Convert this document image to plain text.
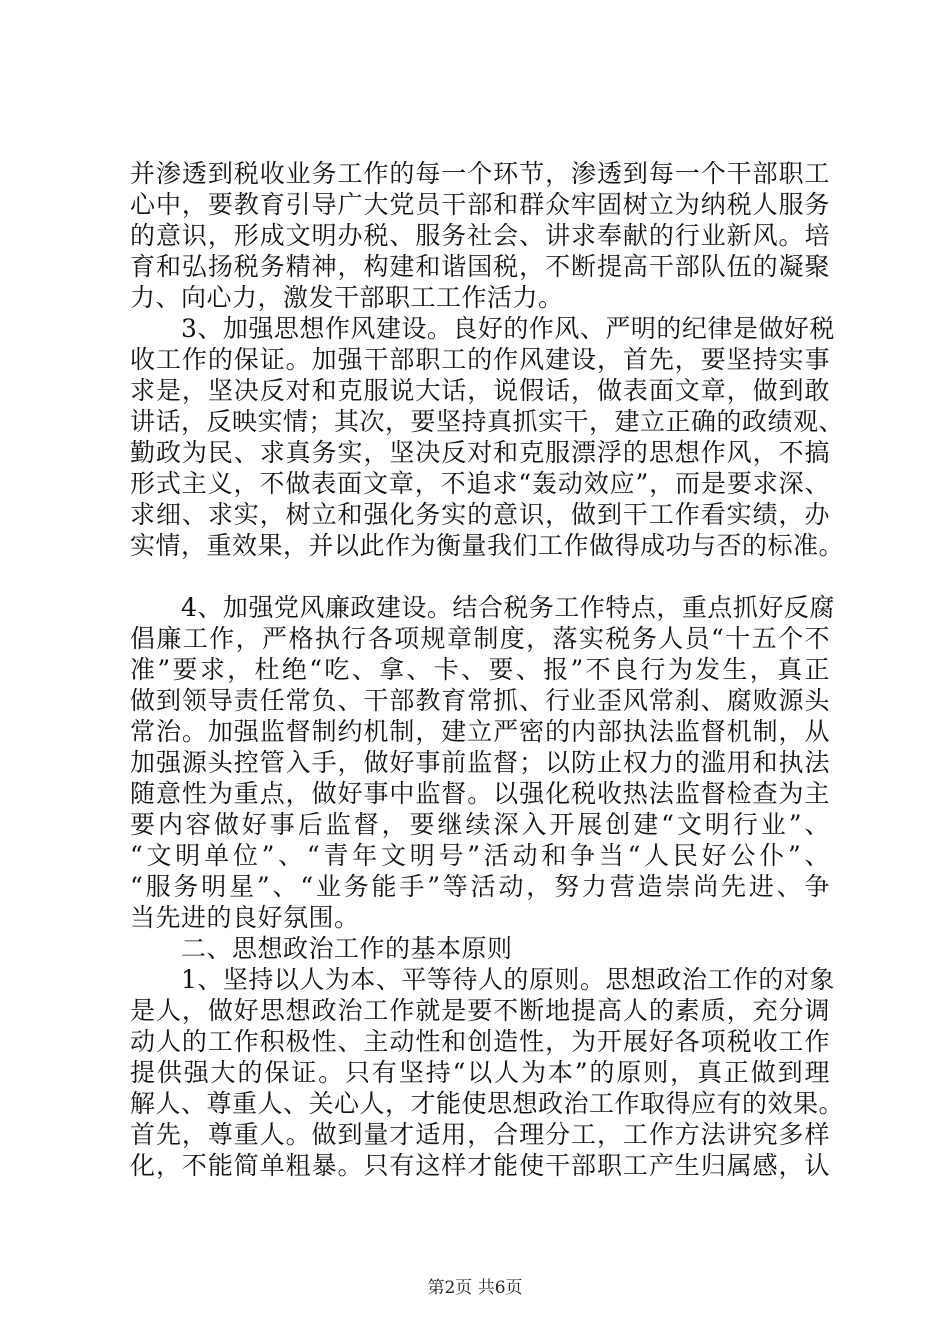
并渗透到税收业务工作的每一个环节，渗透到每一个干部职工
心中，要教育引导广大党员干部和群众牢固树立为纳税人服务
的意识，形成文明办税、服务社会、讲求奉献的行业新风。培
育和弘扬税务精神，构建和谐国税，不断提高干部队伍的凝聚
力、向心力，激发干部职工工作活力。
　　3、加强思想作风建设。良好的作风、严明的纪律是做好税
收工作的保证。加强干部职工的作风建设，首先，要坚持实事
求是，坚决反对和克服说大话，说假话，做表面文章，做到敢
讲话，反映实情；其次，要坚持真抓实干，建立正确的政绩观、
勤政为民、求真务实，坚决反对和克服漂浮的思想作风，不搞
形式主义，不做表面文章，不追求“轰动效应”，而是要求深、
求细、求实，树立和强化务实的意识，做到干工作看实绩，办
实情，重效果，并以此作为衡量我们工作做得成功与否的标准。
　　4、加强党风廉政建设。结合税务工作特点，重点抓好反腐
倡廉工作，严格执行各项规章制度，落实税务人员“十五个不
准”要求，杜绝“吃、拿、卡、要、报”不良行为发生，真正
做到领导责任常负、干部教育常抓、行业歪风常刹、腐败源头
常治。加强监督制约机制，建立严密的内部执法监督机制，从
加强源头控管入手，做好事前监督；以防止权力的滥用和执法
随意性为重点，做好事中监督。以强化税收热法监督检查为主
要内容做好事后监督，要继续深入开展创建“文明行业”、
“文明单位”、“青年文明号”活动和争当“人民好公仆”、
“服务明星”、“业务能手”等活动，努力营造崇尚先进、争
当先进的良好氛围。
　　二、思想政治工作的基本原则
　　1、坚持以人为本、平等待人的原则。思想政治工作的对象
是人，做好思想政治工作就是要不断地提高人的素质，充分调
动人的工作积极性、主动性和创造性，为开展好各项税收工作
提供强大的保证。只有坚持“以人为本”的原则，真正做到理
解人、尊重人、关心人，才能使思想政治工作取得应有的效果。
首先，尊重人。做到量才适用，合理分工，工作方法讲究多样
化，不能简单粗暴。只有这样才能使干部职工产生归属感，认
第2页 共6页
